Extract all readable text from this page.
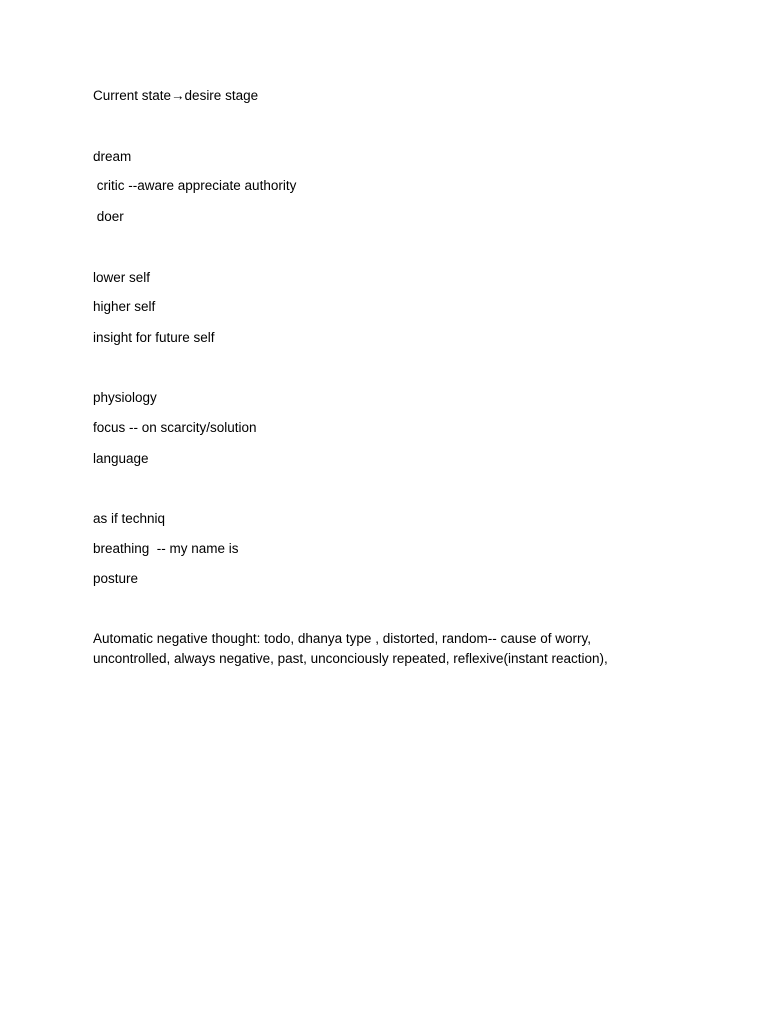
Current state→desire stage

dream

critic --aware appreciate authority

doer

lower self

higher self

insight for future self

physiology

focus -- on scarcity/solution

language

as if techniq

breathing  -- my name is

posture

Automatic negative thought: todo, dhanya type , distorted, random-- cause of worry,
uncontrolled, always negative, past, unconciously repeated, reflexive(instant reaction),
